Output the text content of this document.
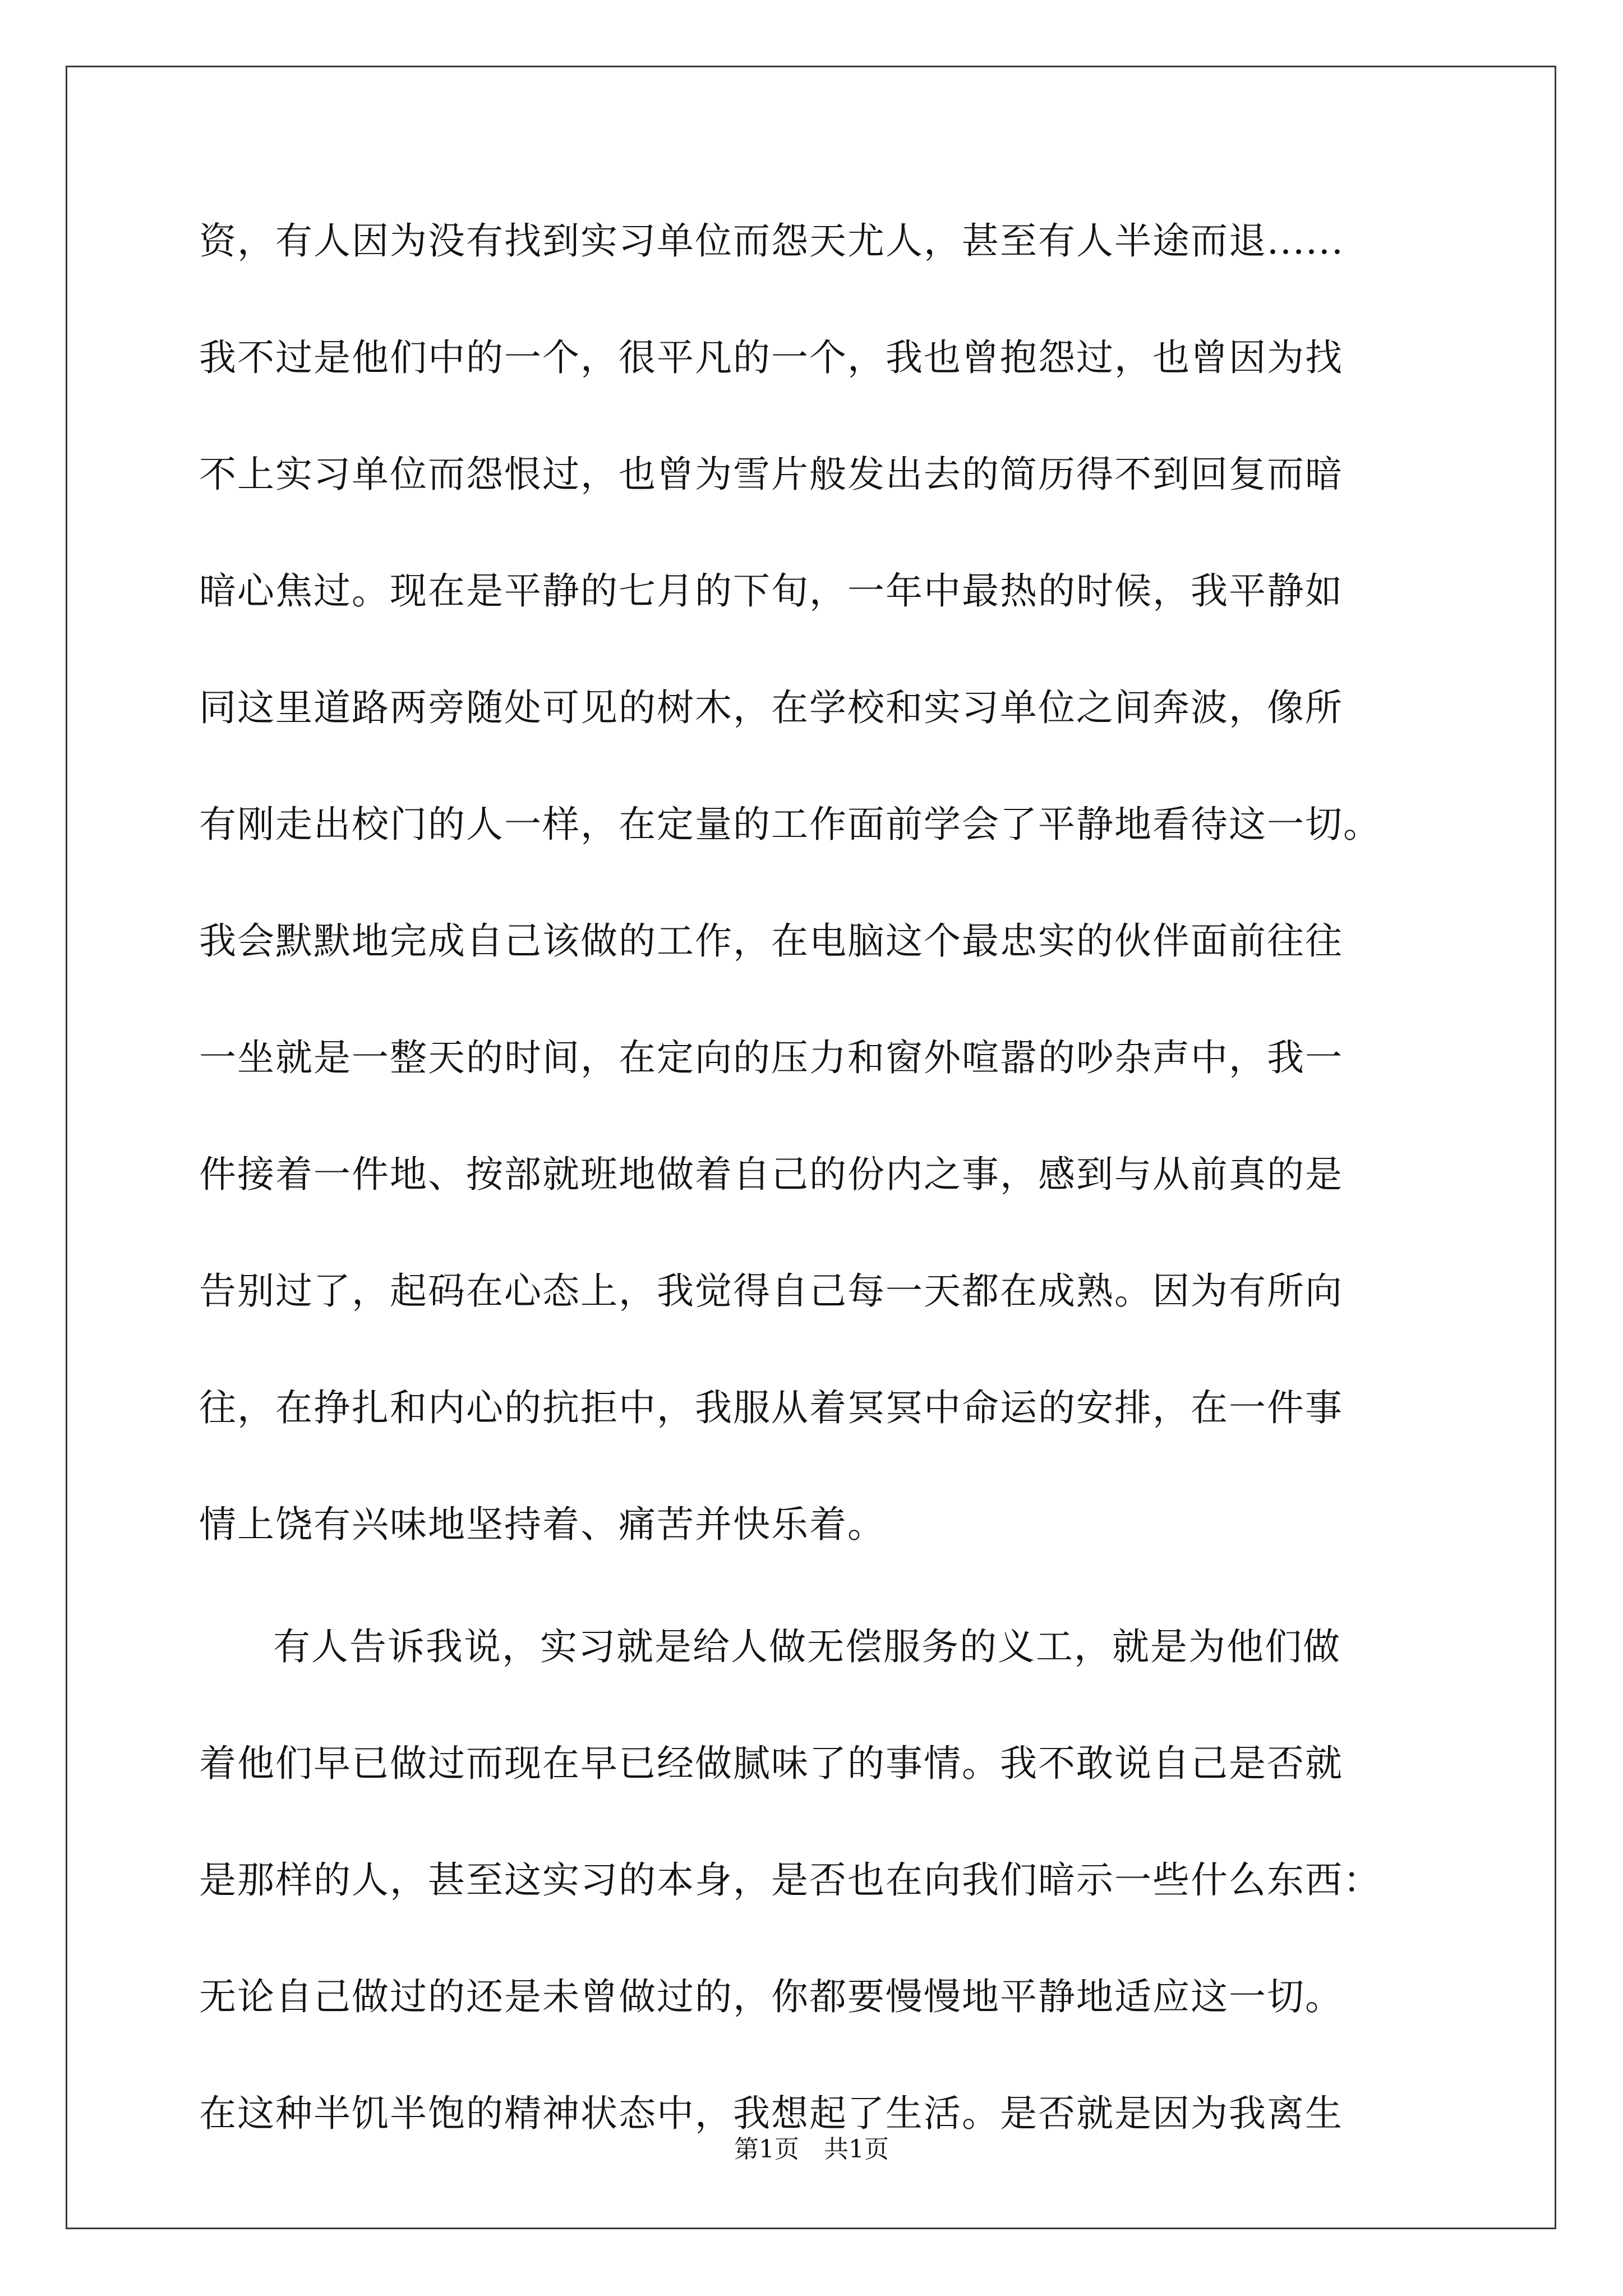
资，有人因为没有找到实习单位而怨天尤人，甚至有人半途而退......
我不过是他们中的一个，很平凡的一个，我也曾抱怨过，也曾因为找
不上实习单位而怨恨过，也曾为雪片般发出去的简历得不到回复而暗
暗心焦过。现在是平静的七月的下旬，一年中最热的时候，我平静如
同这里道路两旁随处可见的树木，在学校和实习单位之间奔波，像所
有刚走出校门的人一样，在定量的工作面前学会了平静地看待这一切。
我会默默地完成自己该做的工作，在电脑这个最忠实的伙伴面前往往
一坐就是一整天的时间，在定向的压力和窗外喧嚣的吵杂声中，我一
件接着一件地、按部就班地做着自己的份内之事，感到与从前真的是
告别过了，起码在心态上，我觉得自己每一天都在成熟。因为有所向
往，在挣扎和内心的抗拒中，我服从着冥冥中命运的安排，在一件事
情上饶有兴味地坚持着、痛苦并快乐着。
有人告诉我说，实习就是给人做无偿服务的义工，就是为他们做
着他们早已做过而现在早已经做腻味了的事情。我不敢说自己是否就
是那样的人，甚至这实习的本身，是否也在向我们暗示一些什么东西：
无论自己做过的还是未曾做过的，你都要慢慢地平静地适应这一切。
在这种半饥半饱的精神状态中，我想起了生活。是否就是因为我离生
第1页 共1页
